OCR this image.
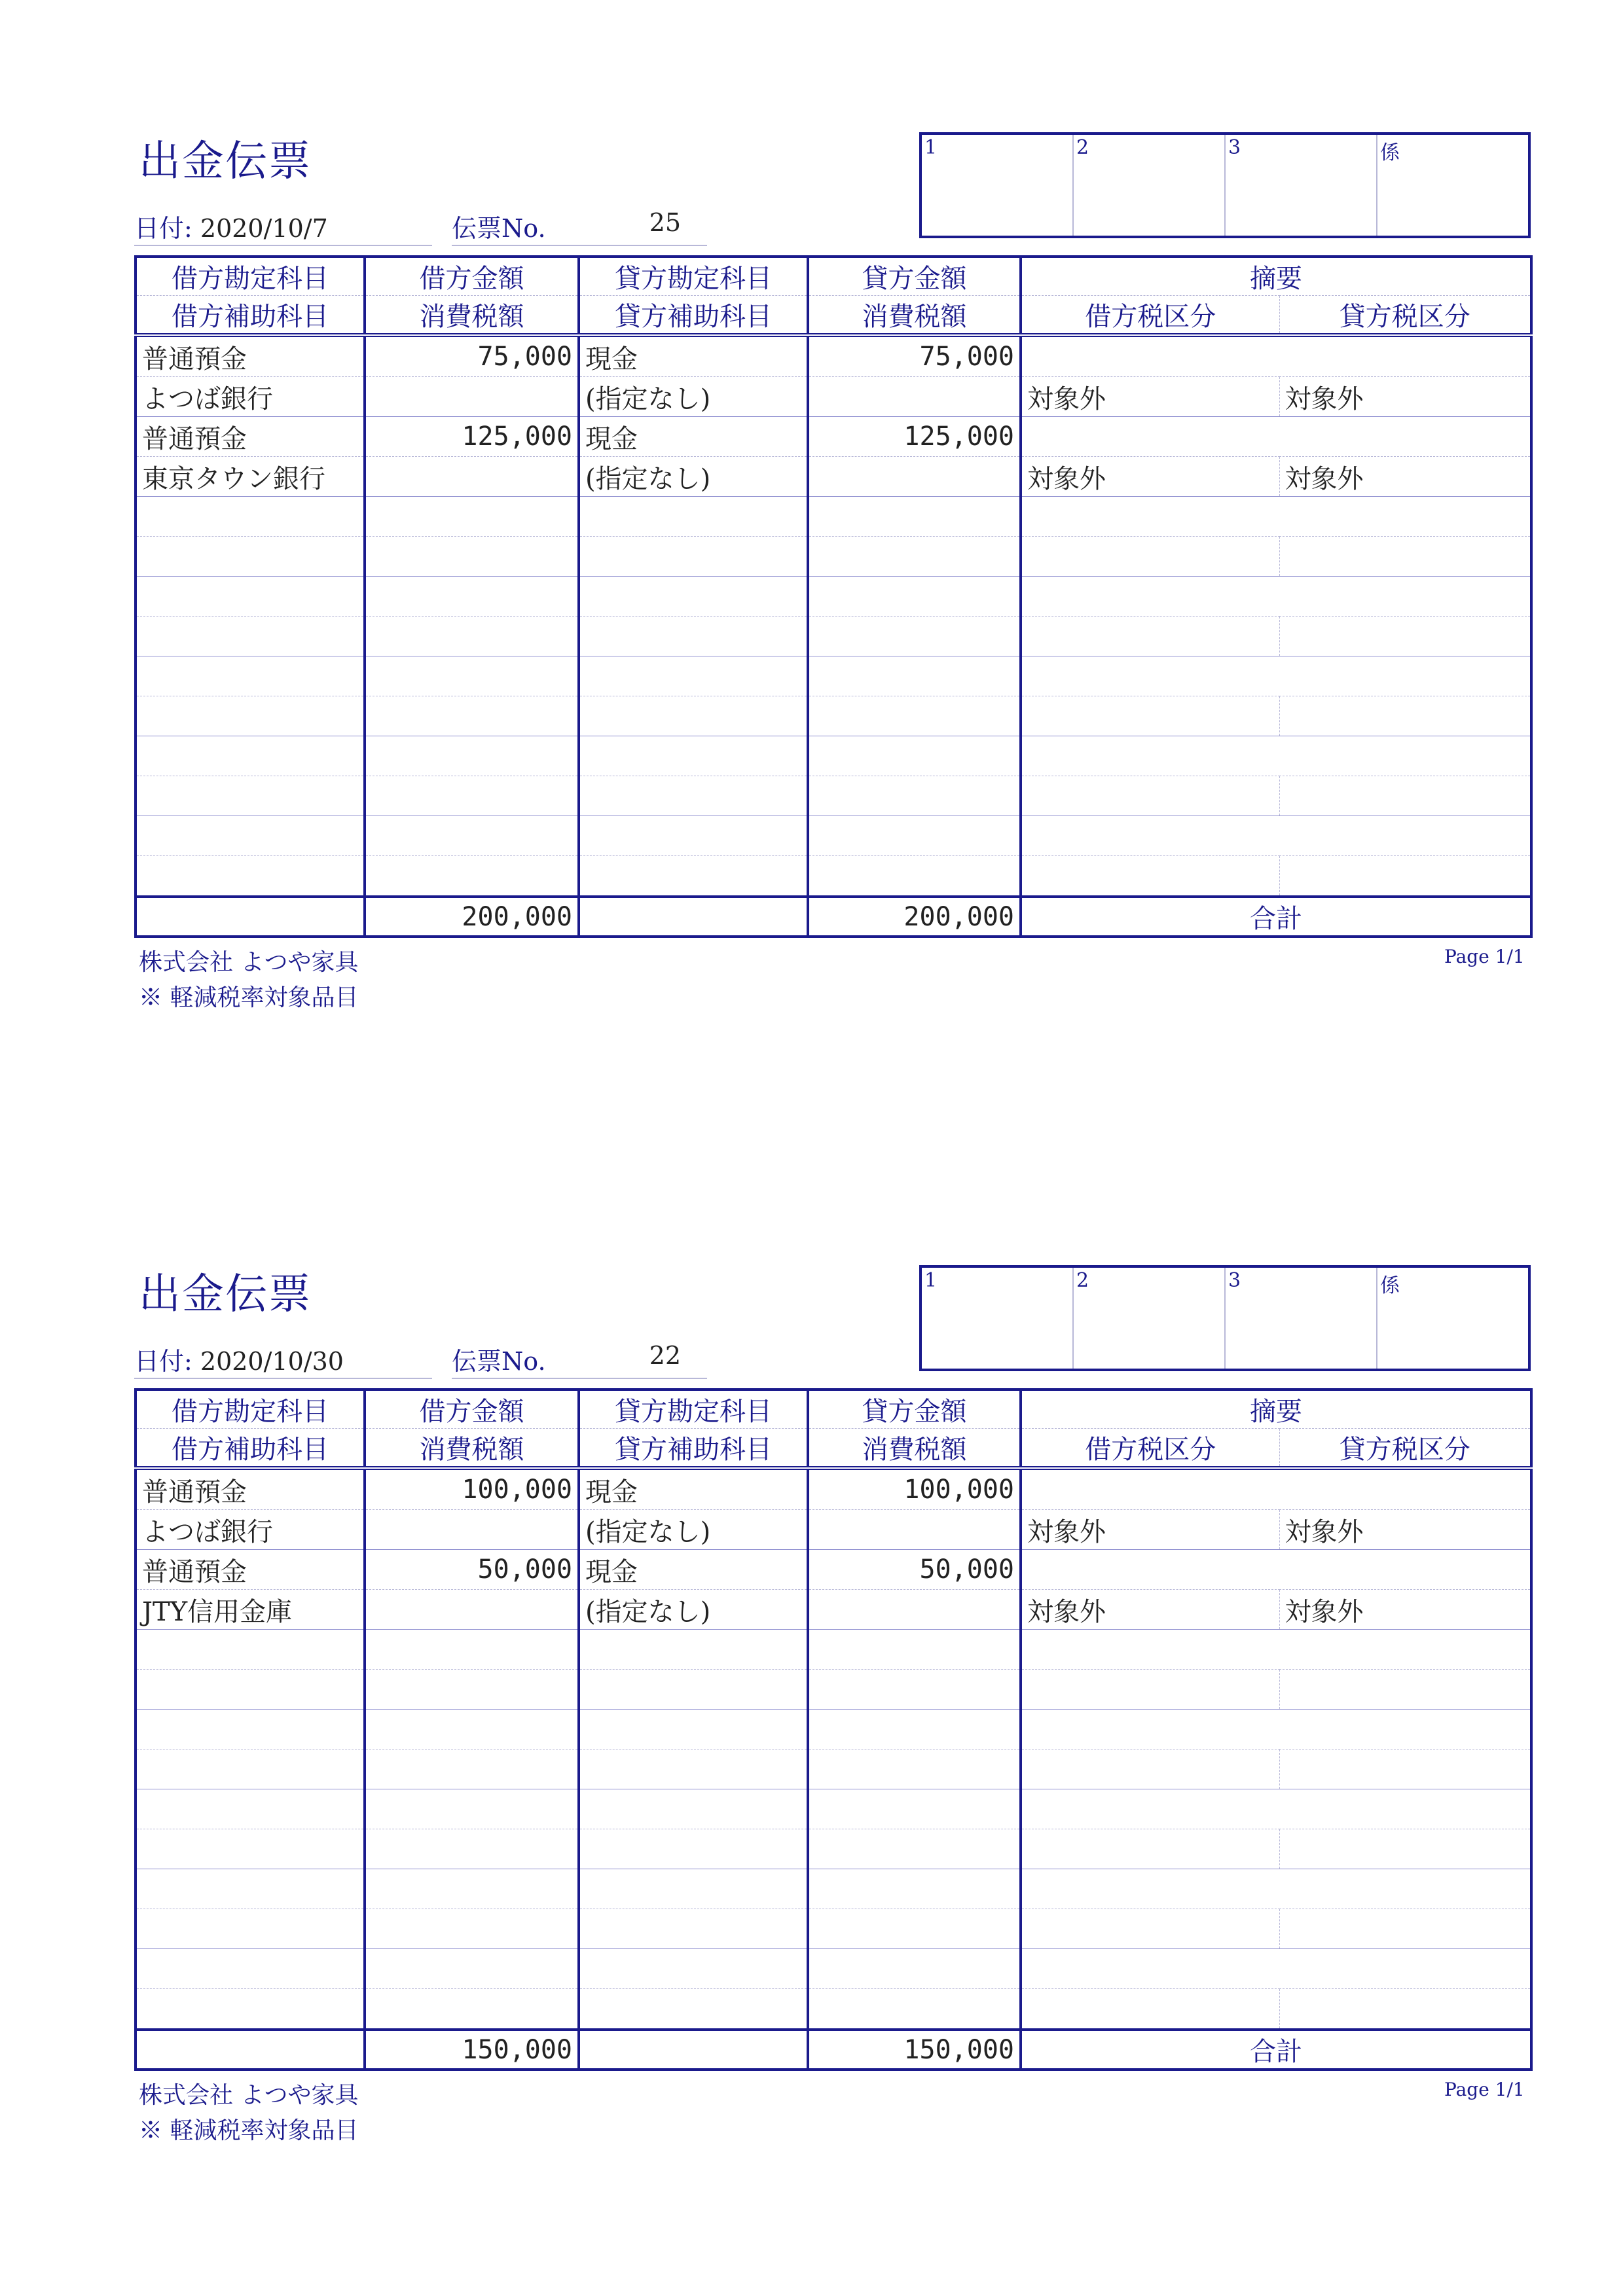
出金伝票
日付: 2020/10/7	伝票No.	25
1	2	3	係
借方勘定科目	借方金額	貸方勘定科目	貸方金額	摘要	
借方補助科目	消費税額	貸方補助科目	消費税額	借方税区分	貸方税区分
普通預金	75,000	現金	75,000		
よつば銀行		(指定なし)		対象外	対象外
普通預金	125,000	現金	125,000		
東京タウン銀行		(指定なし)		対象外	対象外

	200,000		200,000	合計	
株式会社 よつや家具
※ 軽減税率対象品目
Page 1/1
出金伝票
日付: 2020/10/30	伝票No.	22
1	2	3	係
借方勘定科目	借方金額	貸方勘定科目	貸方金額	摘要	
借方補助科目	消費税額	貸方補助科目	消費税額	借方税区分	貸方税区分
普通預金	100,000	現金	100,000		
よつば銀行		(指定なし)		対象外	対象外
普通預金	50,000	現金	50,000		
JTY信用金庫		(指定なし)		対象外	対象外

	150,000		150,000	合計	
株式会社 よつや家具
※ 軽減税率対象品目
Page 1/1
